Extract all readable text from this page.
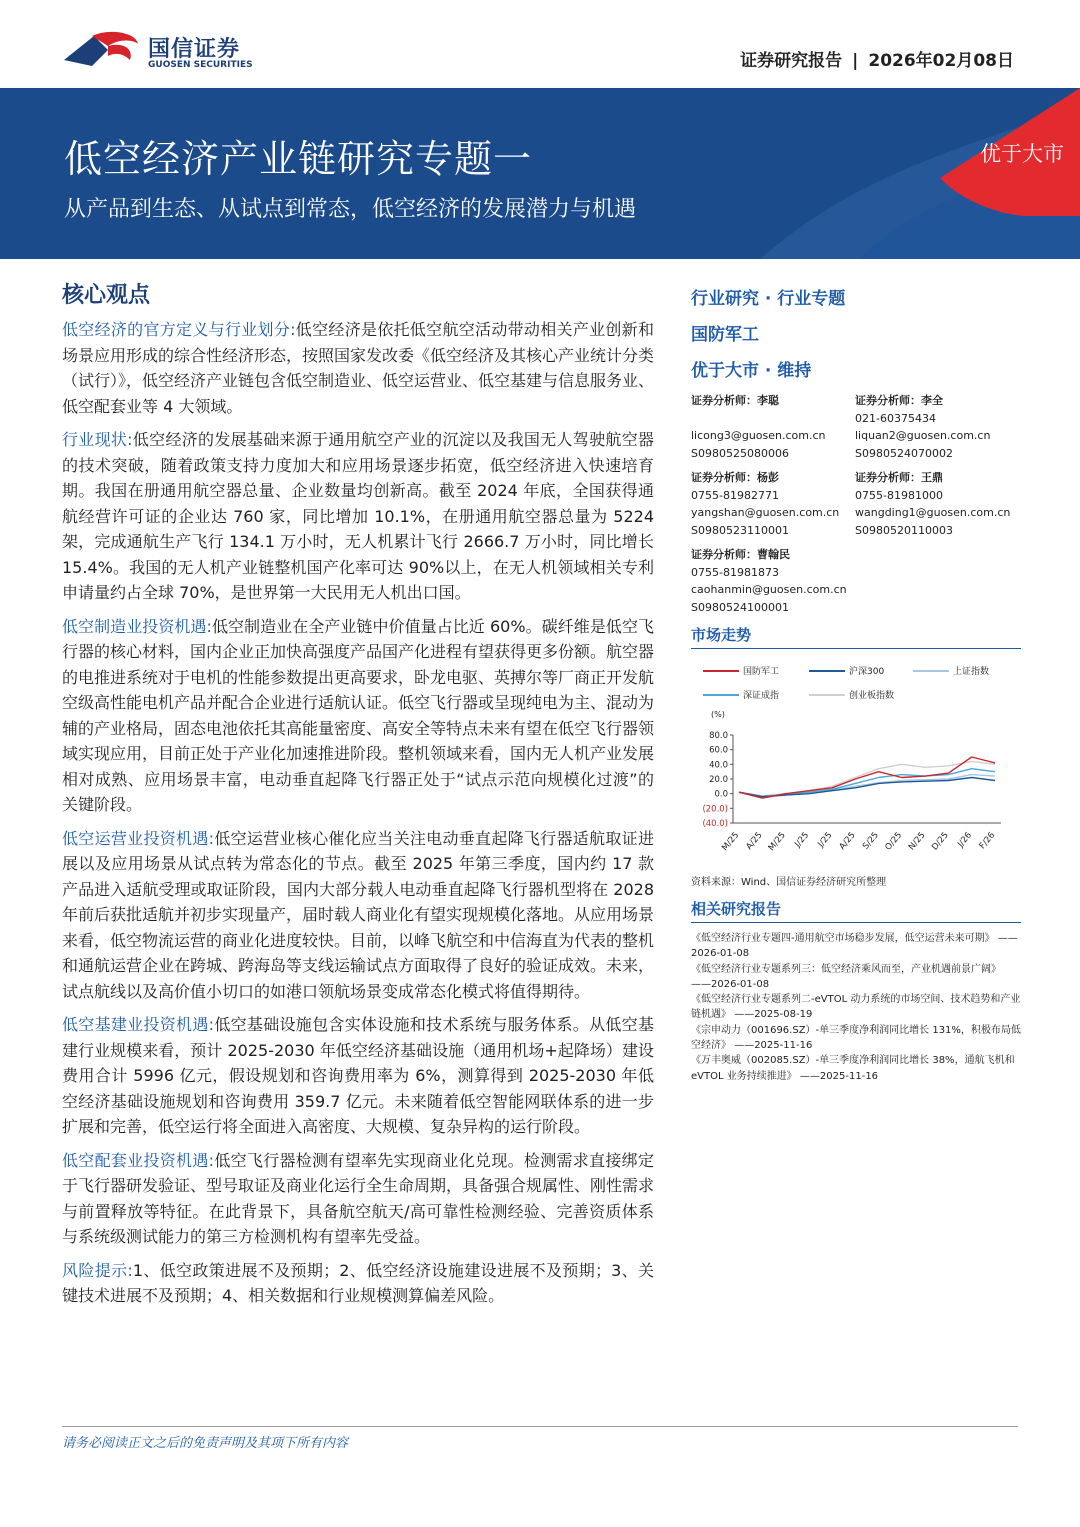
国信证券
GUOSEN SECURITIES	证券研究报告 | 2026年02月08日
低空经济产业链研究专题一
从产品到生态、从试点到常态，低空经济的发展潜力与机遇
优于大市
核心观点
低空经济的官方定义与行业划分:低空经济是依托低空航空活动带动相关产业创新和场景应用形成的综合性经济形态，按照国家发改委《低空经济及其核心产业统计分类（试行）》，低空经济产业链包含低空制造业、低空运营业、低空基建与信息服务业、低空配套业等 4 大领域。
行业现状:低空经济的发展基础来源于通用航空产业的沉淀以及我国无人驾驶航空器的技术突破，随着政策支持力度加大和应用场景逐步拓宽，低空经济进入快速培育期。我国在册通用航空器总量、企业数量均创新高。截至 2024 年底，全国获得通航经营许可证的企业达 760 家，同比增加 10.1%，在册通用航空器总量为 5224 架，完成通航生产飞行 134.1 万小时，无人机累计飞行 2666.7 万小时，同比增长 15.4%。我国的无人机产业链整机国产化率可达 90%以上，在无人机领域相关专利申请量约占全球 70%，是世界第一大民用无人机出口国。
低空制造业投资机遇:低空制造业在全产业链中价值量占比近 60%。碳纤维是低空飞行器的核心材料，国内企业正加快高强度产品国产化进程有望获得更多份额。航空器的电推进系统对于电机的性能参数提出更高要求，卧龙电驱、英搏尔等厂商正开发航空级高性能电机产品并配合企业进行适航认证。低空飞行器或呈现纯电为主、混动为辅的产业格局，固态电池依托其高能量密度、高安全等特点未来有望在低空飞行器领域实现应用，目前正处于产业化加速推进阶段。整机领域来看，国内无人机产业发展相对成熟、应用场景丰富，电动垂直起降飞行器正处于“试点示范向规模化过渡”的关键阶段。
低空运营业投资机遇:低空运营业核心催化应当关注电动垂直起降飞行器适航取证进展以及应用场景从试点转为常态化的节点。截至 2025 年第三季度，国内约 17 款产品进入适航受理或取证阶段，国内大部分载人电动垂直起降飞行器机型将在 2028 年前后获批适航并初步实现量产，届时载人商业化有望实现规模化落地。从应用场景来看，低空物流运营的商业化进度较快。目前，以峰飞航空和中信海直为代表的整机和通航运营企业在跨城、跨海岛等支线运输试点方面取得了良好的验证成效。未来，试点航线以及高价值小切口的如港口领航场景变成常态化模式将值得期待。
低空基建业投资机遇:低空基础设施包含实体设施和技术系统与服务体系。从低空基建行业规模来看，预计 2025-2030 年低空经济基础设施（通用机场+起降场）建设费用合计 5996 亿元，假设规划和咨询费用率为 6%，测算得到 2025-2030 年低空经济基础设施规划和咨询费用 359.7 亿元。未来随着低空智能网联体系的进一步扩展和完善，低空运行将全面进入高密度、大规模、复杂异构的运行阶段。
低空配套业投资机遇:低空飞行器检测有望率先实现商业化兑现。检测需求直接绑定于飞行器研发验证、型号取证及商业化运行全生命周期，具备强合规属性、刚性需求与前置释放等特征。在此背景下，具备航空航天/高可靠性检测经验、完善资质体系与系统级测试能力的第三方检测机构有望率先受益。
风险提示:1、低空政策进展不及预期；2、低空经济设施建设进展不及预期；3、关键技术进展不及预期；4、相关数据和行业规模测算偏差风险。
行业研究 · 行业专题
国防军工
优于大市 · 维持
证券分析师：李聪
licong3@guosen.com.cn
S0980525080006
证券分析师：李全
021-60375434
liquan2@guosen.com.cn
S0980524070002
证券分析师：杨彭
0755-81982771
yangshan@guosen.com.cn
S0980523110001
证券分析师：王鼎
0755-81981000
wangding1@guosen.com.cn
S0980520110003
证券分析师：曹翰民
0755-81981873
caohanmin@guosen.com.cn
S0980524100001
市场走势
国防军工	沪深300	上证指数
深证成指	创业板指数
(%)
80.0
60.0
40.0
20.0
0.0
(20.0)
(40.0)
M/25 A/25 M/25 J/25 J/25 A/25 S/25 O/25 N/25 D/25 J/26 F/26
资料来源：Wind、国信证券经济研究所整理
相关研究报告
《低空经济行业专题四-通用航空市场稳步发展，低空运营未来可期》 ——2026-01-08
《低空经济行业专题系列三：低空经济乘风而至，产业机遇前景广阔》 ——2026-01-08
《低空经济行业专题系列二-eVTOL 动力系统的市场空间、技术趋势和产业链机遇》 ——2025-08-19
《宗申动力（001696.SZ）-单三季度净利润同比增长 131%，积极布局低空经济》 ——2025-11-16
《万丰奥威（002085.SZ）-单三季度净利润同比增长 38%，通航飞机和 eVTOL 业务持续推进》 ——2025-11-16
请务必阅读正文之后的免责声明及其项下所有内容
